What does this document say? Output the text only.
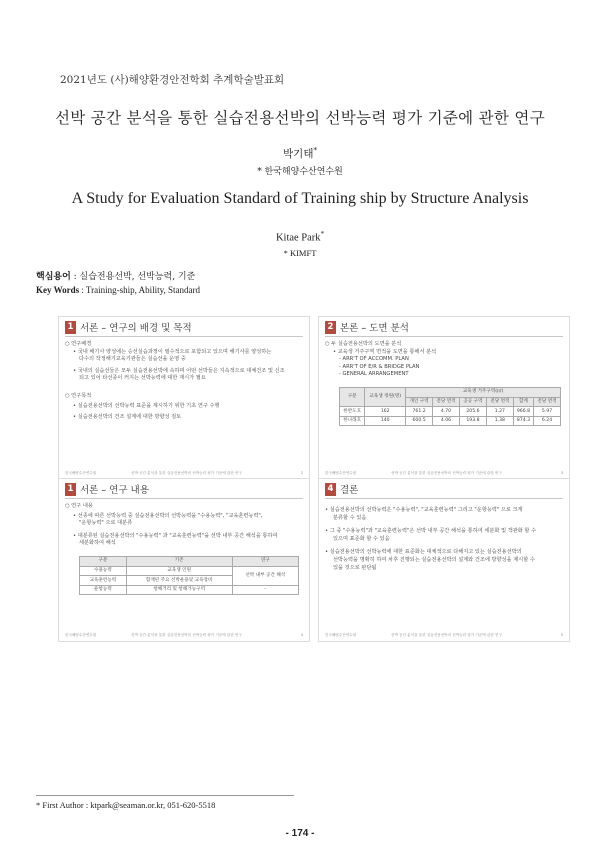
2021년도 (사)해양환경안전학회 추계학술발표회
선박 공간 분석을 통한 실습전용선박의 선박능력 평가 기준에 관한 연구
박기태*
* 한국해양수산연수원
A Study for Evaluation Standard of Training ship by Structure Analysis
Kitae Park*
* KIMFT
핵심용어 : 실습전용선박, 선박능력, 기준
Key Words : Training-ship, Ability, Standard
1 서론 – 연구의 배경 및 목적
○ 연구배경
• 국내 해기사 양성에는 승선실습과정이 필수적으로 포함되고 있으며 해기사를 양성하는
다수의 작정해기교육기관들은 실습선을 운영 중
• 국내의 실습선들은 모두 실습전용선박에 속하며 어떤 선박들은 지속적으로 대체건조 및 신조
되고 있어 타선종이 커지는 선박능력에 대한 재시가 필요
○ 연구목적
• 실습전용선박의 선박능력 표준을 제시하기 위한 기초 연구 수행
• 실습전용선박의 건조 설계에 대한 방향성 검토
한국해양수산연수원	선박 공간 분석을 통한 실습전용선박의 선박능력 평가 기준에 관한 연구	2
2 본론 – 도면 분석
○ 두 실습전용선박의 도면을 분석
• 교육생 거주구역 면적을 도면을 통해서 분석
- ARR'T OF ACCOMM. PLAN
- ARR'T OF E/R & BRIDGE PLAN
- GENERAL ARRANGEMENT
구분	교육생 정원(명)	교육생 거주구역(㎡)					
		개인 구역	전당 면적	공공 구역	전당 면적	합계	전당 면적
한반도호	162	761.2	4.70	205.6	1.27	966.8	5.97
한나래호	140	600.5	4.06	193.8	1.38	874.3	6.24
한국해양수산연수원	선박 공간 분석을 통한 실습전용선박의 선박능력 평가 기준에 관한 연구	3
1 서론 – 연구 내용
○ 연구 내용
• 선종에 따른 선박능력 중 실습전용선박의 선박능력을 "수용능력", "교육훈련능력",
"운항능력" 으로 대분류
• 대분류된 실습전용선박의 "수용능력" 과 "교육훈련능력"을 선박 내부 공간 해석을 통하여
세분화하여 해석
구분	기존	연구
수용능력	교육생 인원	선박 내부 공간 해석
교육훈련능력	함재된 주요 선박운용및 교육장비	
운항능력	항해거리 및 항해가능구역	–
한국해양수산연수원	선박 공간 분석을 통한 실습전용선박의 선박능력 평가 기준에 관한 연구	4
4 결론
• 실습전용선박의 선박능력은 "수용능력", "교육훈련능력" 그리고 "운항능력" 으로 크게
분류할 수 있음
• 그 중 "수용능력"과 "교육훈련능력"은 선박 내부 공간 해석을 통하여 세분화 및 객관화 할 수
있으며 표준화 할 수 있음
• 실습전용선박의 선박능력에 대한 표준화는 대체적으로 다해지고 있는 실습전용선박의
선박능력을 명확히 하여 차후 진행되는 실습전용선박의 설계와 건조에 방향성을 제시할 수
있을 것으로 판단됨
한국해양수산연수원	선박 공간 분석을 통한 실습전용선박의 선박능력 평가 기준에 관한 연구	5
* First Author : ktpark@seaman.or.kr, 051-620-5518
- 174 -
